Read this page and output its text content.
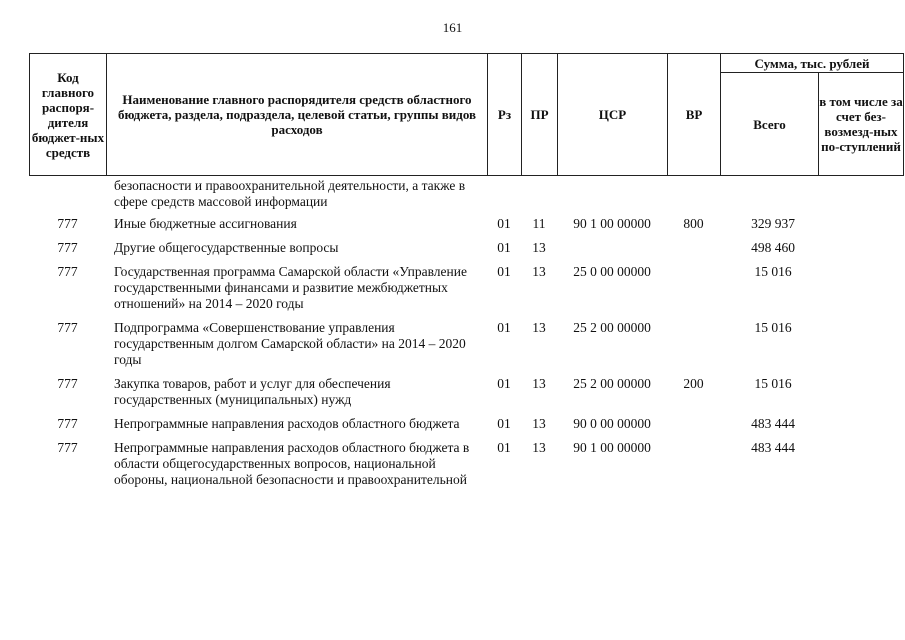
161
Код главного распоря-дителя бюджет-ных средств	Наименование главного распорядителя средств областного бюджета, раздела, подраздела, целевой статьи, группы видов расходов	Рз	ПР	ЦСР	ВР	Сумма, тыс. рублей	
						Всего	в том числе за счет без-возмезд-ных по-ступлений
	безопасности и правоохранительной деятельности, а также в сфере средств массовой информации						
777	Иные бюджетные ассигнования	01	11	90 1 00 00000	800	329 937	
777	Другие общегосударственные вопросы	01	13			498 460	
777	Государственная программа Самарской области «Управление государственными финансами и развитие межбюджетных отношений» на 2014 – 2020 годы	01	13	25 0 00 00000		15 016	
777	Подпрограмма «Совершенствование управления государственным долгом Самарской области» на 2014 – 2020 годы	01	13	25 2 00 00000		15 016	
777	Закупка товаров, работ и услуг для обеспечения государственных (муниципальных) нужд	01	13	25 2 00 00000	200	15 016	
777	Непрограммные направления расходов областного бюджета	01	13	90 0 00 00000		483 444	
777	Непрограммные направления расходов областного бюджета в области общегосударственных вопросов, национальной обороны, национальной безопасности и правоохранительной	01	13	90 1 00 00000		483 444	
